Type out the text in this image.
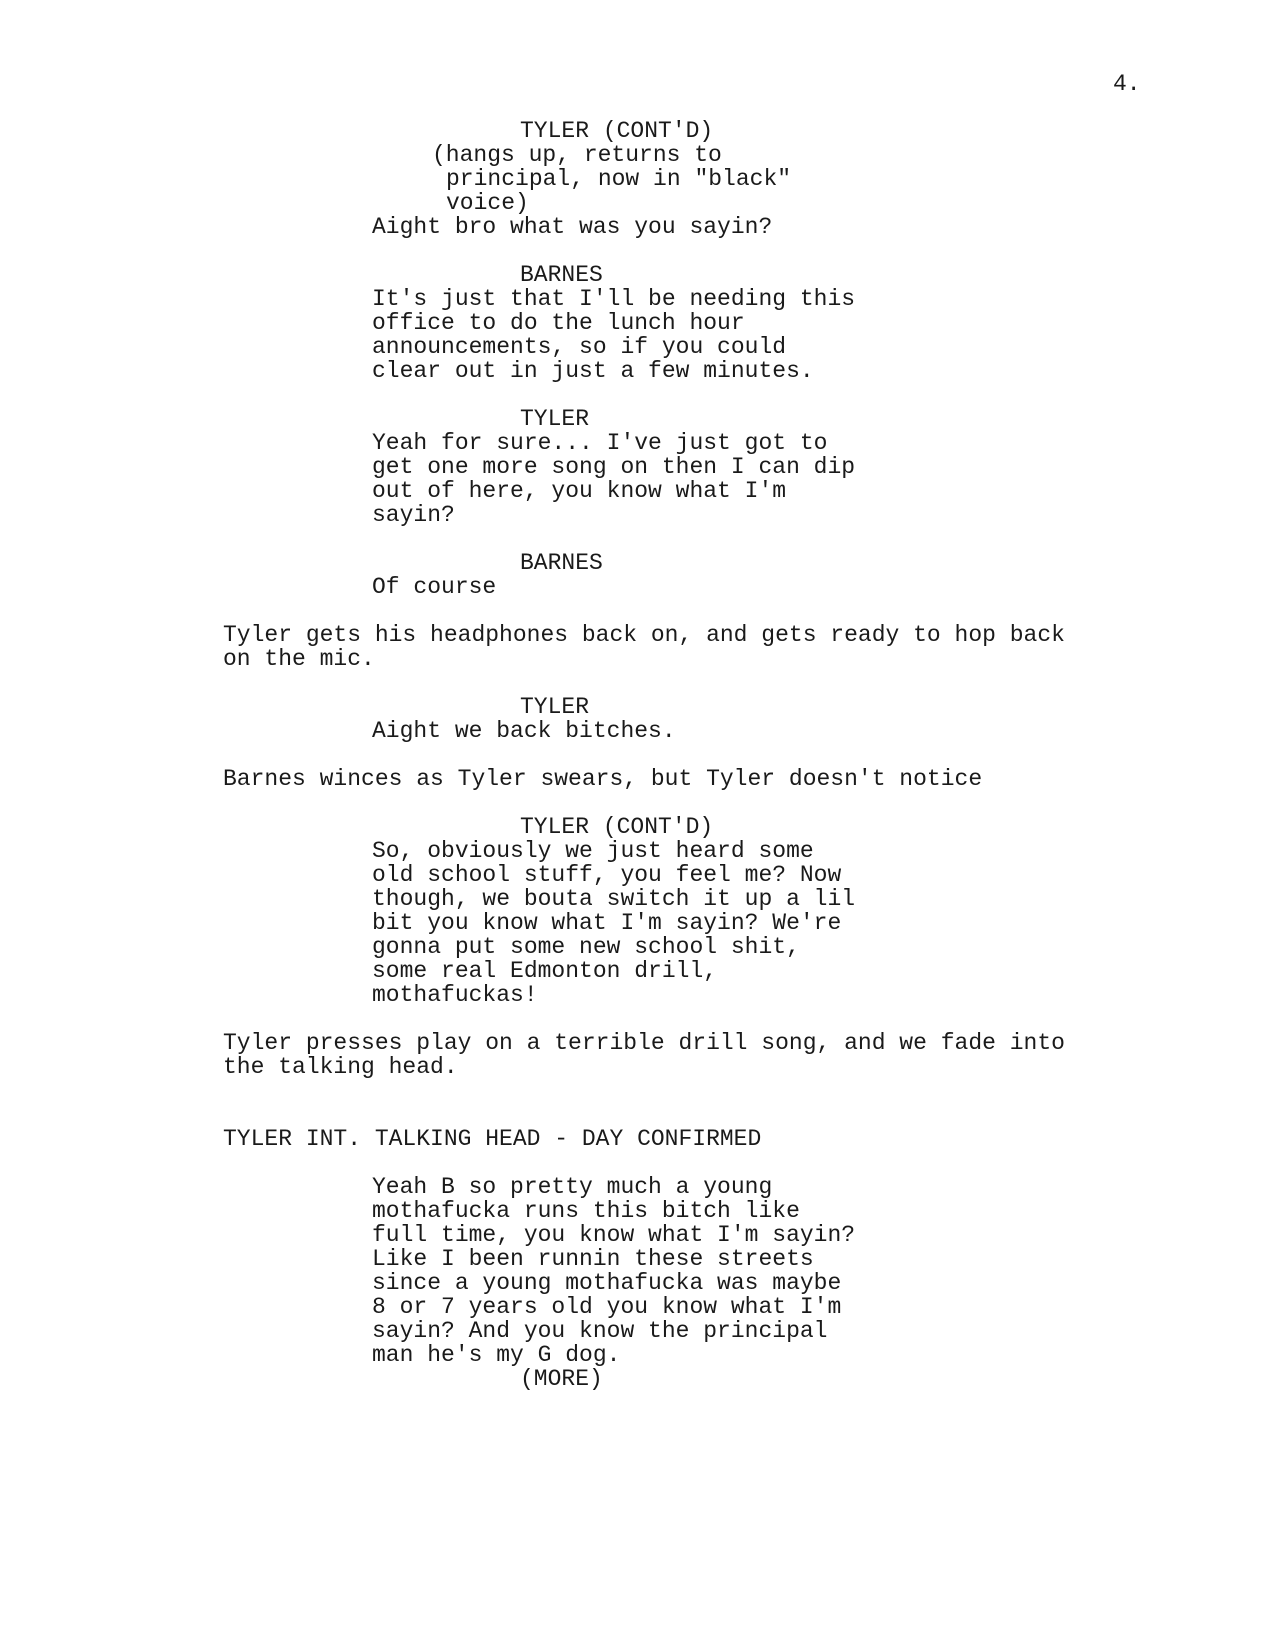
4.
TYLER (CONT'D)
(hangs up, returns to
principal, now in "black"
voice)
Aight bro what was you sayin?
BARNES
It's just that I'll be needing this
office to do the lunch hour
announcements, so if you could
clear out in just a few minutes.
TYLER
Yeah for sure... I've just got to
get one more song on then I can dip
out of here, you know what I'm
sayin?
BARNES
Of course
Tyler gets his headphones back on, and gets ready to hop back
on the mic.
TYLER
Aight we back bitches.
Barnes winces as Tyler swears, but Tyler doesn't notice
TYLER (CONT'D)
So, obviously we just heard some
old school stuff, you feel me? Now
though, we bouta switch it up a lil
bit you know what I'm sayin? We're
gonna put some new school shit,
some real Edmonton drill,
mothafuckas!
Tyler presses play on a terrible drill song, and we fade into
the talking head.
TYLER INT. TALKING HEAD - DAY CONFIRMED
Yeah B so pretty much a young
mothafucka runs this bitch like
full time, you know what I'm sayin?
Like I been runnin these streets
since a young mothafucka was maybe
8 or 7 years old you know what I'm
sayin? And you know the principal
man he's my G dog.
(MORE)
